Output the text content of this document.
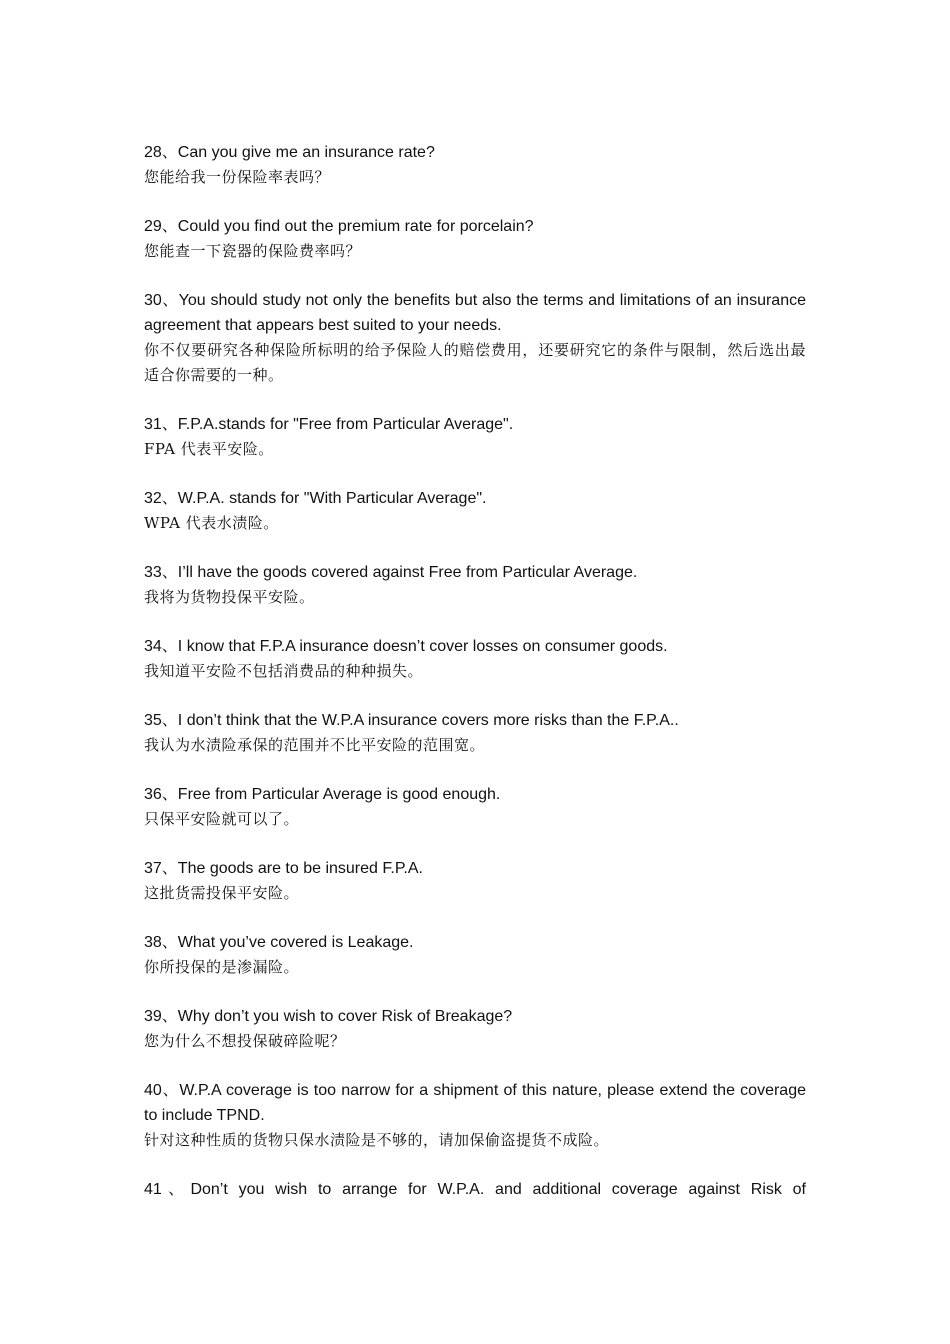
28、Can you give me an insurance rate?
您能给我一份保险率表吗？
29、Could you find out the premium rate for porcelain?
您能查一下瓷器的保险费率吗？
30、You should study not only the benefits but also the terms and limitations of an insurance agreement that appears best suited to your needs.
你不仅要研究各种保险所标明的给予保险人的赔偿费用，还要研究它的条件与限制，然后选出最适合你需要的一种。
31、F.P.A.stands for "Free from Particular Average".
FPA 代表平安险。
32、W.P.A. stands for "With Particular Average".
WPA 代表水渍险。
33、I’ll have the goods covered against Free from Particular Average.
我将为货物投保平安险。
34、I know that F.P.A insurance doesn’t cover losses on consumer goods.
我知道平安险不包括消费品的种种损失。
35、I don’t think that the W.P.A insurance covers more risks than the F.P.A..
我认为水渍险承保的范围并不比平安险的范围宽。
36、Free from Particular Average is good enough.
只保平安险就可以了。
37、The goods are to be insured F.P.A.
这批货需投保平安险。
38、What you’ve covered is Leakage.
你所投保的是渗漏险。
39、Why don’t you wish to cover Risk of Breakage?
您为什么不想投保破碎险呢？
40、W.P.A coverage is too narrow for a shipment of this nature, please extend the coverage to include TPND.
针对这种性质的货物只保水渍险是不够的，请加保偷盗提货不成险。
41、Don’t you wish to arrange for W.P.A. and additional coverage against Risk of
